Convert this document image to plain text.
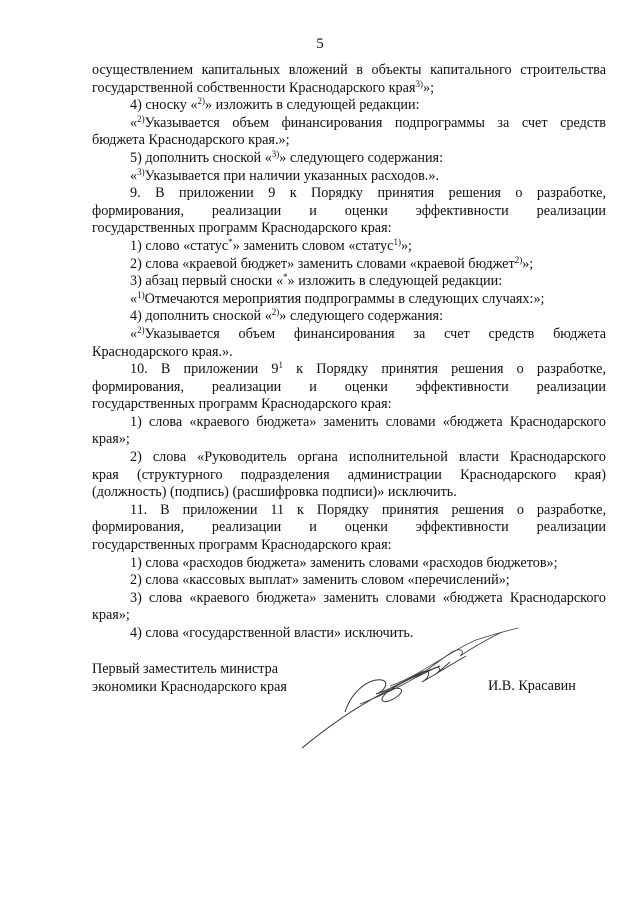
5

осуществлением капитальных вложений в объекты капитального строительства

государственной собственности Краснодарского края$^{3)}$»;

4) сноску «$^{2)}$» изложить в следующей редакции:

«$^{2)}$Указывается объем финансирования подпрограммы за счет средств

бюджета Краснодарского края.»;

5) дополнить сноской «$^{3)}$» следующего содержания:

«$^{3)}$Указывается при наличии указанных расходов.».

9. В приложении 9 к Порядку принятия решения о разработке,

формирования, реализации и оценки эффективности реализации

государственных программ Краснодарского края:

1) слово «статус*» заменить словом «статус$^{1)}$»;

2) слова «краевой бюджет» заменить словами «краевой бюджет$^{2)}$»;

3) абзац первый сноски «*» изложить в следующей редакции:

«$^{1)}$Отмечаются мероприятия подпрограммы в следующих случаях:»;

4) дополнить сноской «$^{2)}$» следующего содержания:

«$^{2)}$Указывается объем финансирования за счет средств бюджета

Краснодарского края.».

10. В приложении $9^1$ к Порядку принятия решения о разработке,

формирования, реализации и оценки эффективности реализации

государственных программ Краснодарского края:

1) слова «краевого бюджета» заменить словами «бюджета Краснодарского

края»;

2) слова «Руководитель органа исполнительной власти Краснодарского

края (структурного подразделения администрации Краснодарского края)

(должность) (подпись) (расшифровка подписи)» исключить.

11. В приложении 11 к Порядку принятия решения о разработке,

формирования, реализации и оценки эффективности реализации

государственных программ Краснодарского края:

1) слова «расходов бюджета» заменить словами «расходов бюджетов»;

2) слова «кассовых выплат» заменить словом «перечислений»;

3) слова «краевого бюджета» заменить словами «бюджета Краснодарского

края»;

4) слова «государственной власти» исключить.

Первый заместитель министра
экономики Краснодарского края	И.В. Красавин
